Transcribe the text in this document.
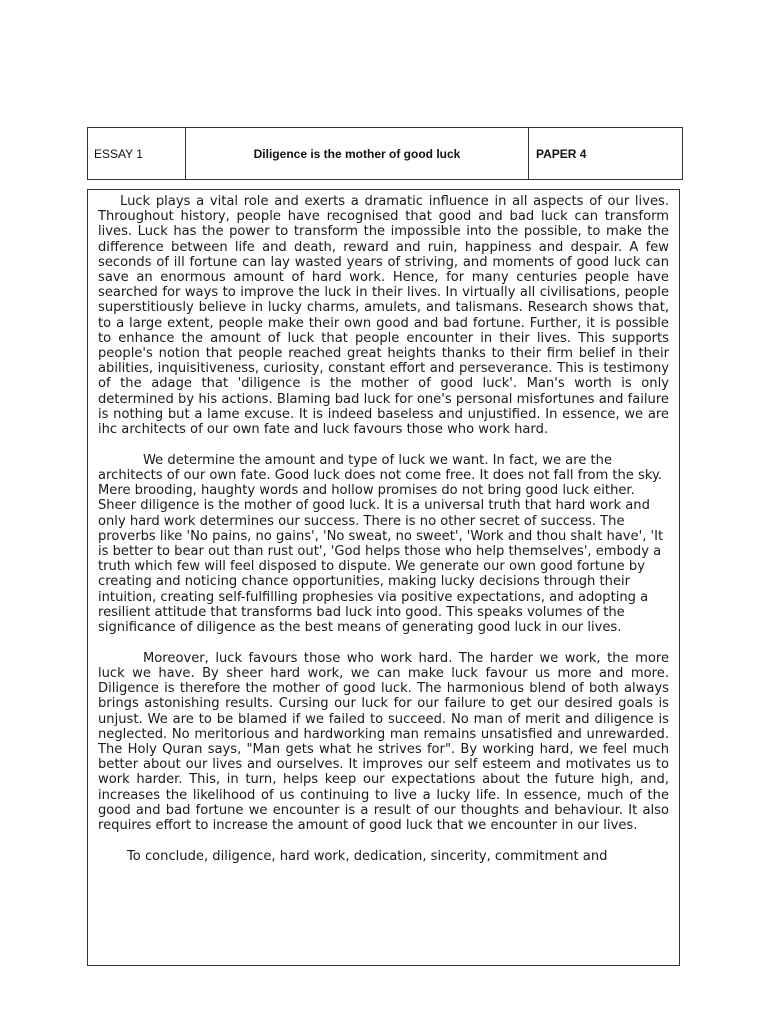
ESSAY 1	Diligence is the mother of good luck	PAPER 4

Luck plays a vital role and exerts a dramatic influence in all aspects of our lives. Throughout history, people have recognised that good and bad luck can transform lives. Luck has the power to transform the impossible into the possible, to make the difference between life and death, reward and ruin, happiness and despair. A few seconds of ill fortune can lay wasted years of striving, and moments of good luck can save an enormous amount of hard work. Hence, for many centuries people have searched for ways to improve the luck in their lives. In virtually all civilisations, people superstitiously believe in lucky charms, amulets, and talismans. Research shows that, to a large extent, people make their own good and bad fortune. Further, it is possible to enhance the amount of luck that people encounter in their lives. This supports people's notion that people reached great heights thanks to their firm belief in their abilities, inquisitiveness, curiosity, constant effort and perseverance. This is testimony of the adage that 'diligence is the mother of good luck'. Man's worth is only determined by his actions. Blaming bad luck for one's personal misfortunes and failure is nothing but a lame excuse. It is indeed baseless and unjustified. In essence, we are ihc architects of our own fate and luck favours those who work hard.

We determine the amount and type of luck we want. In fact, we are the architects of our own fate. Good luck does not come free. It does not fall from the sky. Mere brooding, haughty words and hollow promises do not bring good luck either. Sheer diligence is the mother of good luck. It is a universal truth that hard work and only hard work determines our success. There is no other secret of success. The proverbs like 'No pains, no gains', 'No sweat, no sweet', 'Work and thou shalt have', 'It is better to bear out than rust out', 'God helps those who help themselves', embody a truth which few will feel disposed to dispute. We generate our own good fortune by creating and noticing chance opportunities, making lucky decisions through their intuition, creating self-fulfilling prophesies via positive expectations, and adopting a resilient attitude that transforms bad luck into good. This speaks volumes of the significance of diligence as the best means of generating good luck in our lives.

Moreover, luck favours those who work hard. The harder we work, the more luck we have. By sheer hard work, we can make luck favour us more and more. Diligence is therefore the mother of good luck. The harmonious blend of both always brings astonishing results. Cursing our luck for our failure to get our desired goals is unjust. We are to be blamed if we failed to succeed. No man of merit and diligence is neglected. No meritorious and hardworking man remains unsatisfied and unrewarded. The Holy Quran says, "Man gets what he strives for". By working hard, we feel much better about our lives and ourselves. It improves our self esteem and motivates us to work harder. This, in turn, helps keep our expectations about the future high, and, increases the likelihood of us continuing to live a lucky life. In essence, much of the good and bad fortune we encounter is a result of our thoughts and behaviour. It also requires effort to increase the amount of good luck that we encounter in our lives.

To conclude, diligence, hard work, dedication, sincerity, commitment and
